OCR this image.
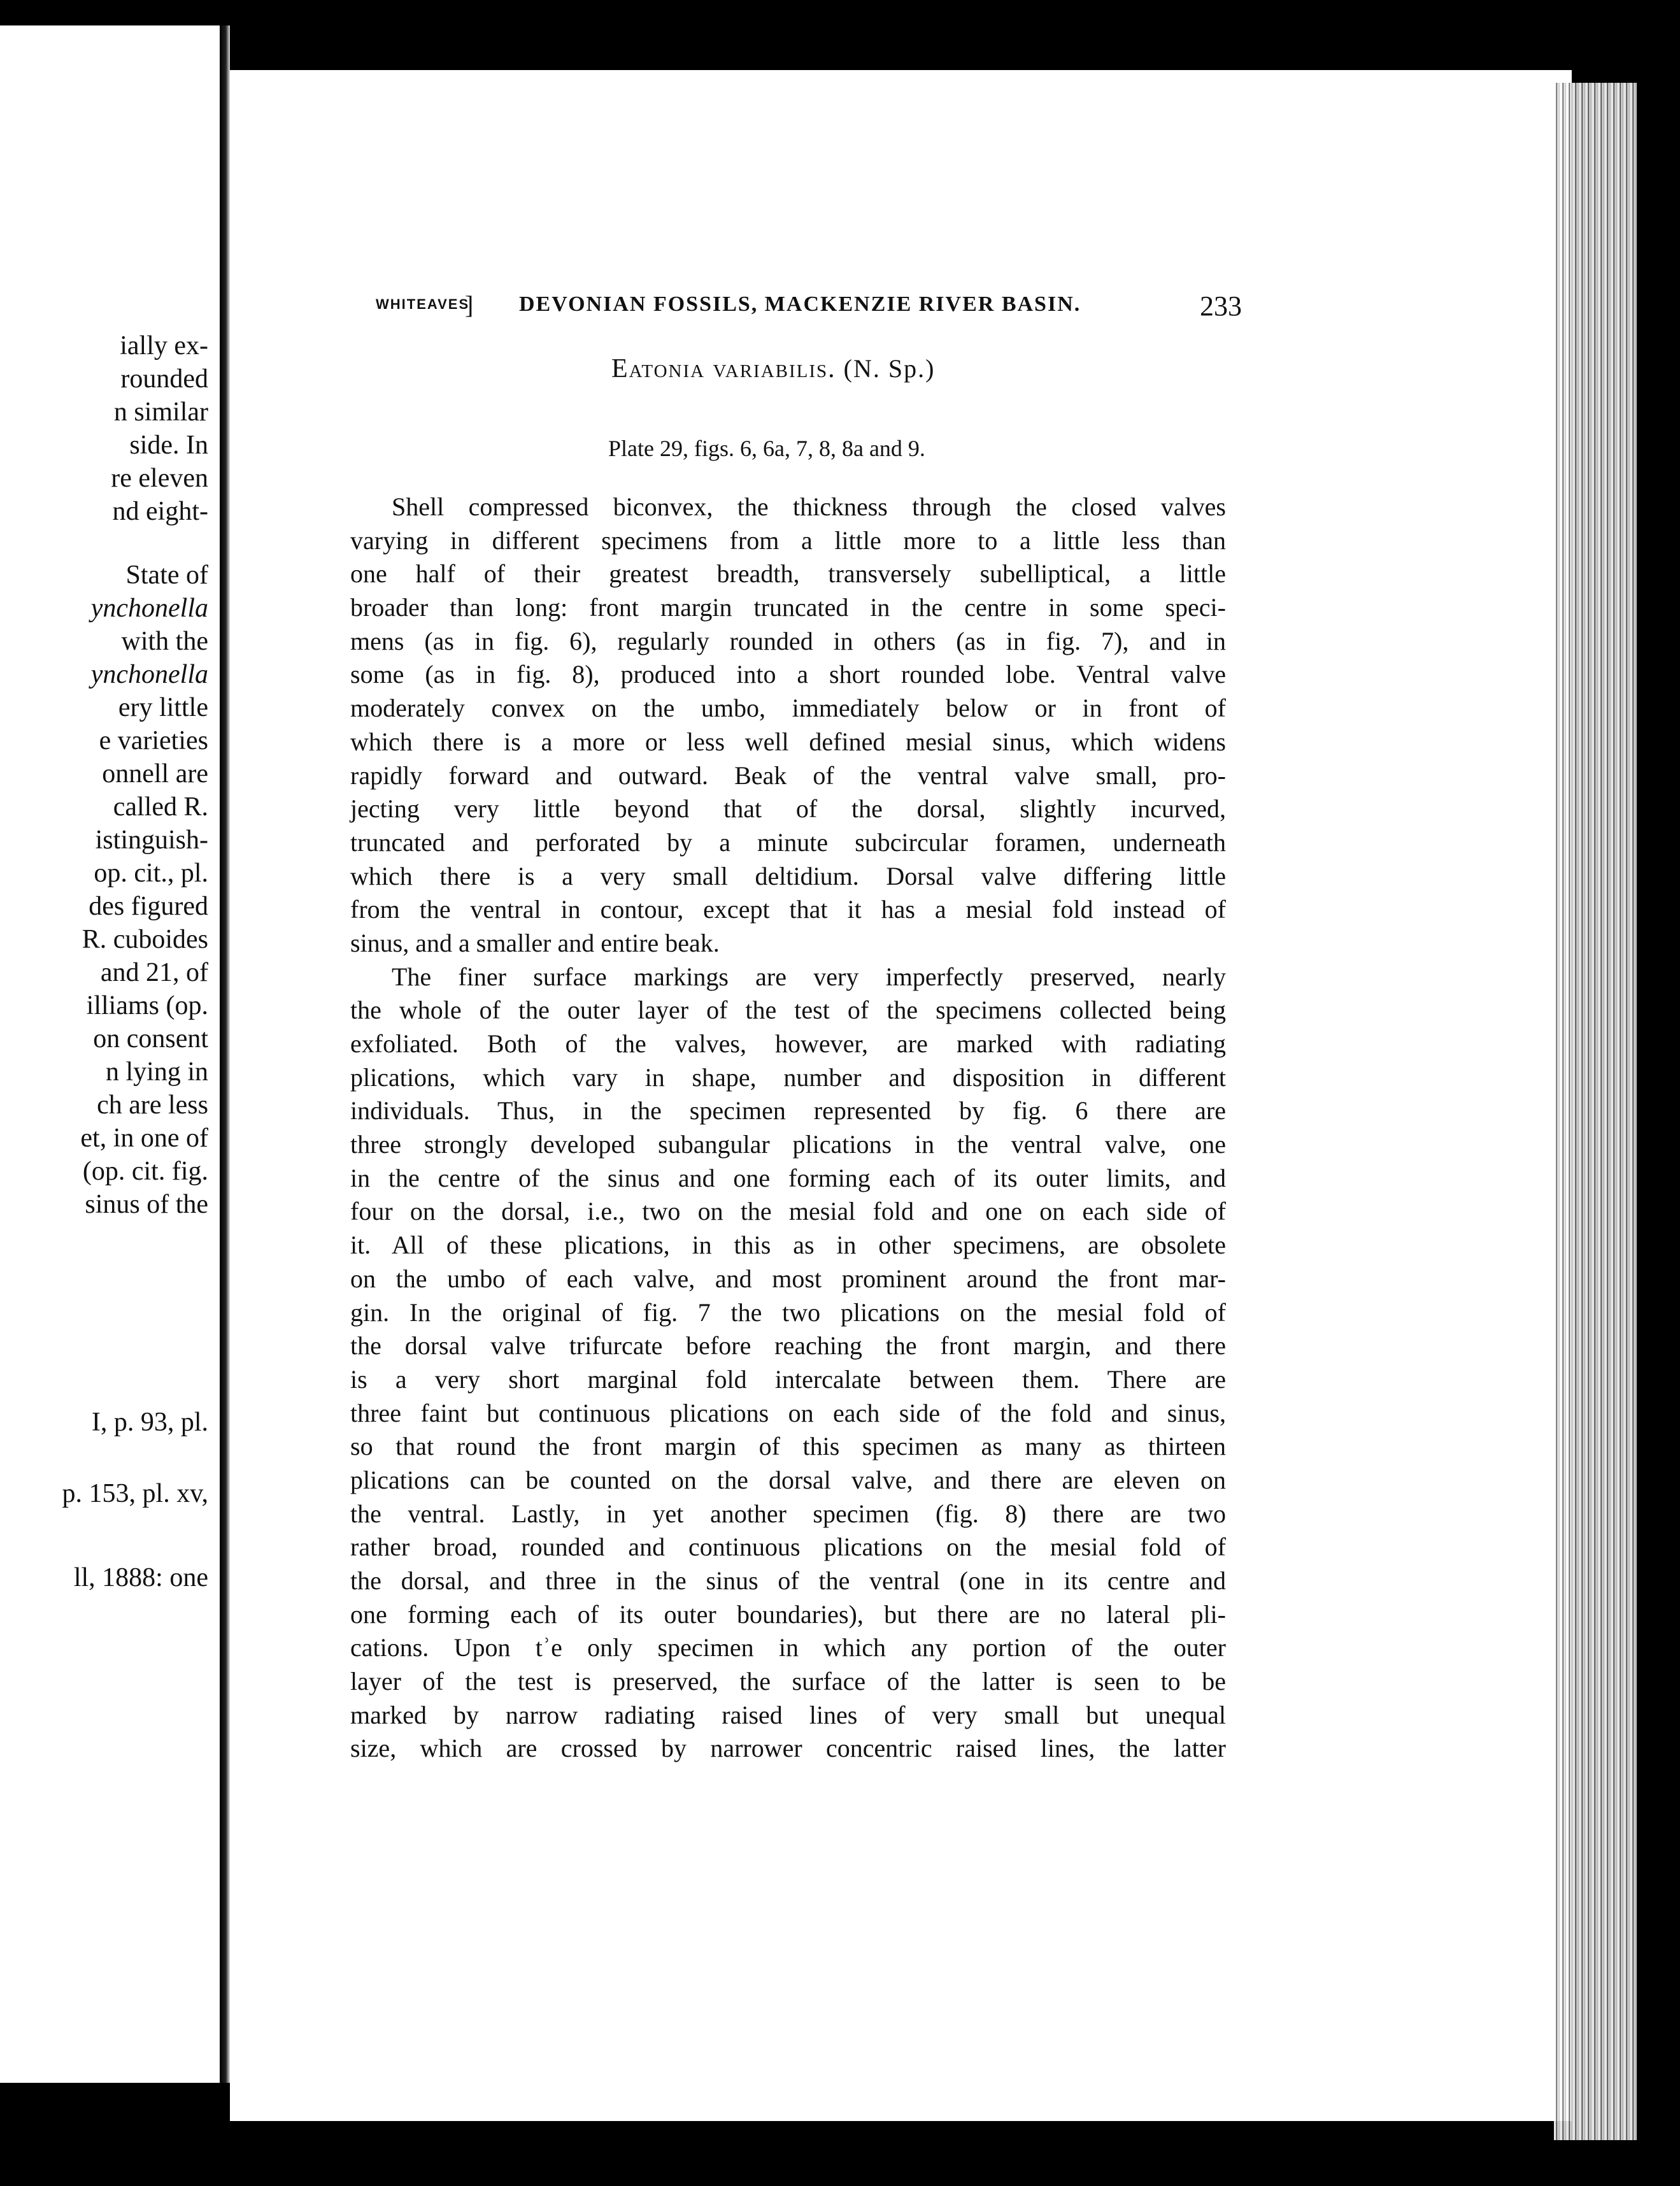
ially ex-
rounded
n similar
side. In
re eleven
nd eight-
State of
ynchonella
with the
ynchonella
ery little
e varieties
onnell are
called R.
istinguish-
op. cit., pl.
des figured
R. cuboides
and 21, of
illiams (op.
on consent
n lying in
ch are less
et, in one of
(op. cit. fig.
sinus of the
I, p. 93, pl.
p. 153, pl. xv,
ll, 1888: one
WHITEAVES
] DEVONIAN FOSSILS, MACKENZIE RIVER BASIN.	233
Eatonia variabilis. (N. Sp.)
Plate 29, figs. 6, 6a, 7, 8, 8a and 9.
Shell compressed biconvex, the thickness through the closed valves
varying in different specimens from a little more to a little less than
one half of their greatest breadth, transversely subelliptical, a little
broader than long: front margin truncated in the centre in some speci-
mens (as in fig. 6), regularly rounded in others (as in fig. 7), and in
some (as in fig. 8), produced into a short rounded lobe. Ventral valve
moderately convex on the umbo, immediately below or in front of
which there is a more or less well defined mesial sinus, which widens
rapidly forward and outward. Beak of the ventral valve small, pro-
jecting very little beyond that of the dorsal, slightly incurved,
truncated and perforated by a minute subcircular foramen, underneath
which there is a very small deltidium. Dorsal valve differing little
from the ventral in contour, except that it has a mesial fold instead of
sinus, and a smaller and entire beak.
The finer surface markings are very imperfectly preserved, nearly
the whole of the outer layer of the test of the specimens collected being
exfoliated. Both of the valves, however, are marked with radiating
plications, which vary in shape, number and disposition in different
individuals. Thus, in the specimen represented by fig. 6 there are
three strongly developed subangular plications in the ventral valve, one
in the centre of the sinus and one forming each of its outer limits, and
four on the dorsal, i.e., two on the mesial fold and one on each side of
it. All of these plications, in this as in other specimens, are obsolete
on the umbo of each valve, and most prominent around the front mar-
gin. In the original of fig. 7 the two plications on the mesial fold of
the dorsal valve trifurcate before reaching the front margin, and there
is a very short marginal fold intercalate between them. There are
three faint but continuous plications on each side of the fold and sinus,
so that round the front margin of this specimen as many as thirteen
plications can be counted on the dorsal valve, and there are eleven on
the ventral. Lastly, in yet another specimen (fig. 8) there are two
rather broad, rounded and continuous plications on the mesial fold of
the dorsal, and three in the sinus of the ventral (one in its centre and
one forming each of its outer boundaries), but there are no lateral pli-
cations. Upon tʾe only specimen in which any portion of the outer
layer of the test is preserved, the surface of the latter is seen to be
marked by narrow radiating raised lines of very small but unequal
size, which are crossed by narrower concentric raised lines, the latter
